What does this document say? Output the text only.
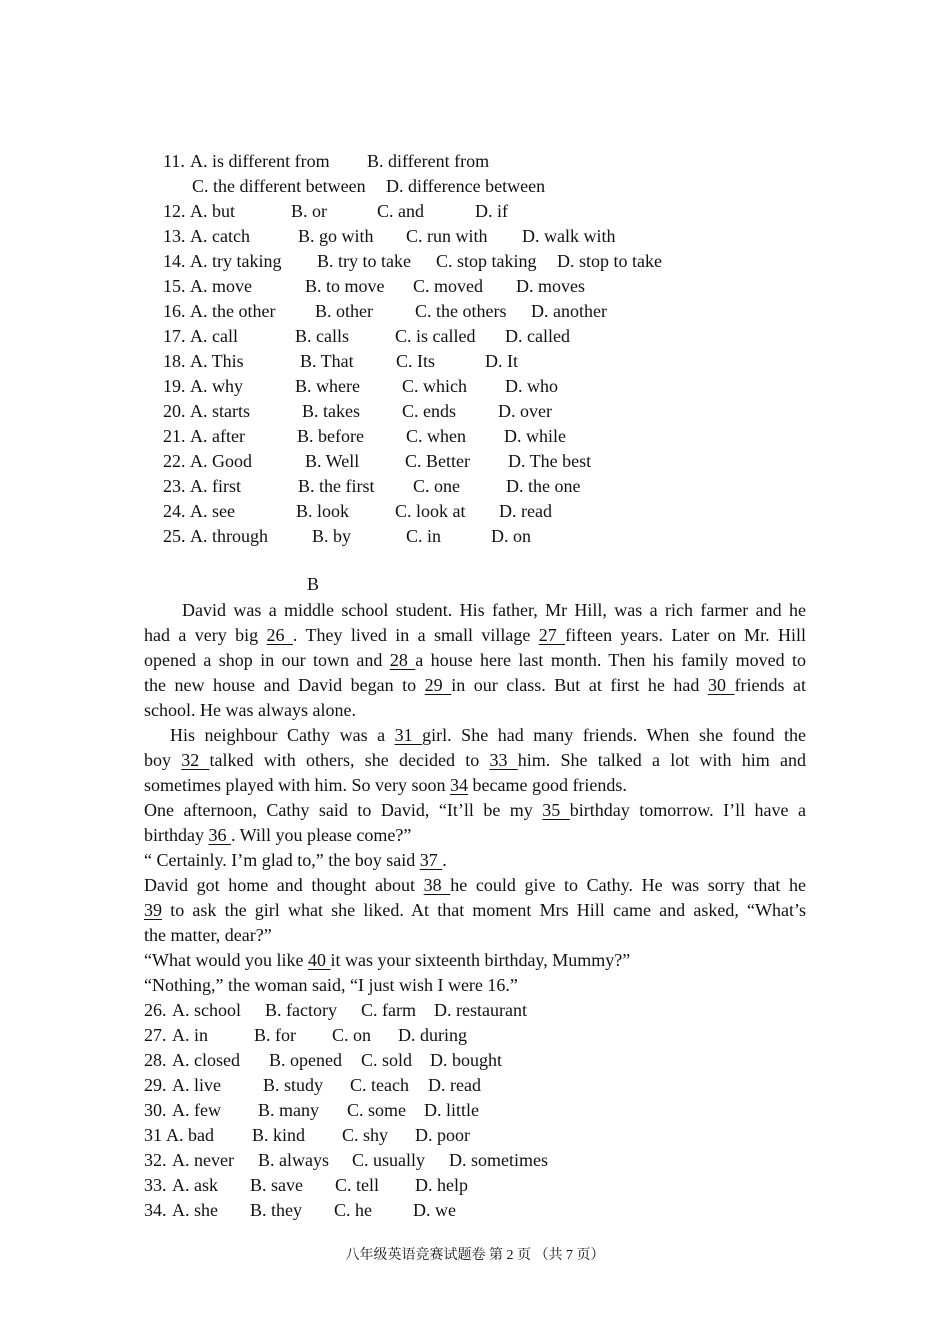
11. A. is different from B. different from
C. the different between D. difference between
12. A. but	B. or	C. and	D. if
13. A. catch	B. go with C. run with D. walk with
14. A. try taking B. try to take C. stop taking D. stop to take
15. A. move	B. to move C. moved D. moves
16. A. the other B. other C. the others D. another
17. A. call	B. calls	C. is called D. called
18. A. This	B. That C. Its	D. It
19. A. why	B. where C. which D. who
20. A. starts	B. takes C. ends D. over
21. A. after	B. before C. when D. while
22. A. Good	B. Well	C. Better D. The best
23. A. first	B. the first C. one	D. the one
24. A. see	B. look	C. look at D. read
25. A. through B. by	C. in	D. on
B
David was a middle school student. His father, Mr Hill, was a rich farmer and he
had a very big 26 . They lived in a small village 27 fifteen years. Later on Mr. Hill
opened a shop in our town and 28 a house here last month. Then his family moved to
the new house and David began to 29 in our class. But at first he had 30 friends at
school. He was always alone.
His neighbour Cathy was a 31 girl. She had many friends. When she found the
boy 32 talked with others, she decided to 33 him. She talked a lot with him and
sometimes played with him. So very soon 34 became good friends.
One afternoon, Cathy said to David, “It’ll be my 35 birthday tomorrow. I’ll have a
birthday 36 . Will you please come?”
“ Certainly. I’m glad to,” the boy said 37 .
David got home and thought about 38 he could give to Cathy. He was sorry that he
39 to ask the girl what she liked. At that moment Mrs Hill came and asked, “What’s
the matter, dear?”
“What would you like 40 it was your sixteenth birthday, Mummy?”
“Nothing,” the woman said, “I just wish I were 16.”
26. A. school B. factory C. farm D. restaurant
27. A. in	B. for C. on D. during
28. A. closed B. opened C. sold D. bought
29. A. live B. study C. teach D. read
30. A. few B. many C. some D. little
31 A. bad B. kind C. shy D. poor
32. A. never B. always C. usually D. sometimes
33. A. ask B. save C. tell D. help
34. A. she B. they C. he D. we
八年级英语竞赛试题卷 第 2 页 （共 7 页）
